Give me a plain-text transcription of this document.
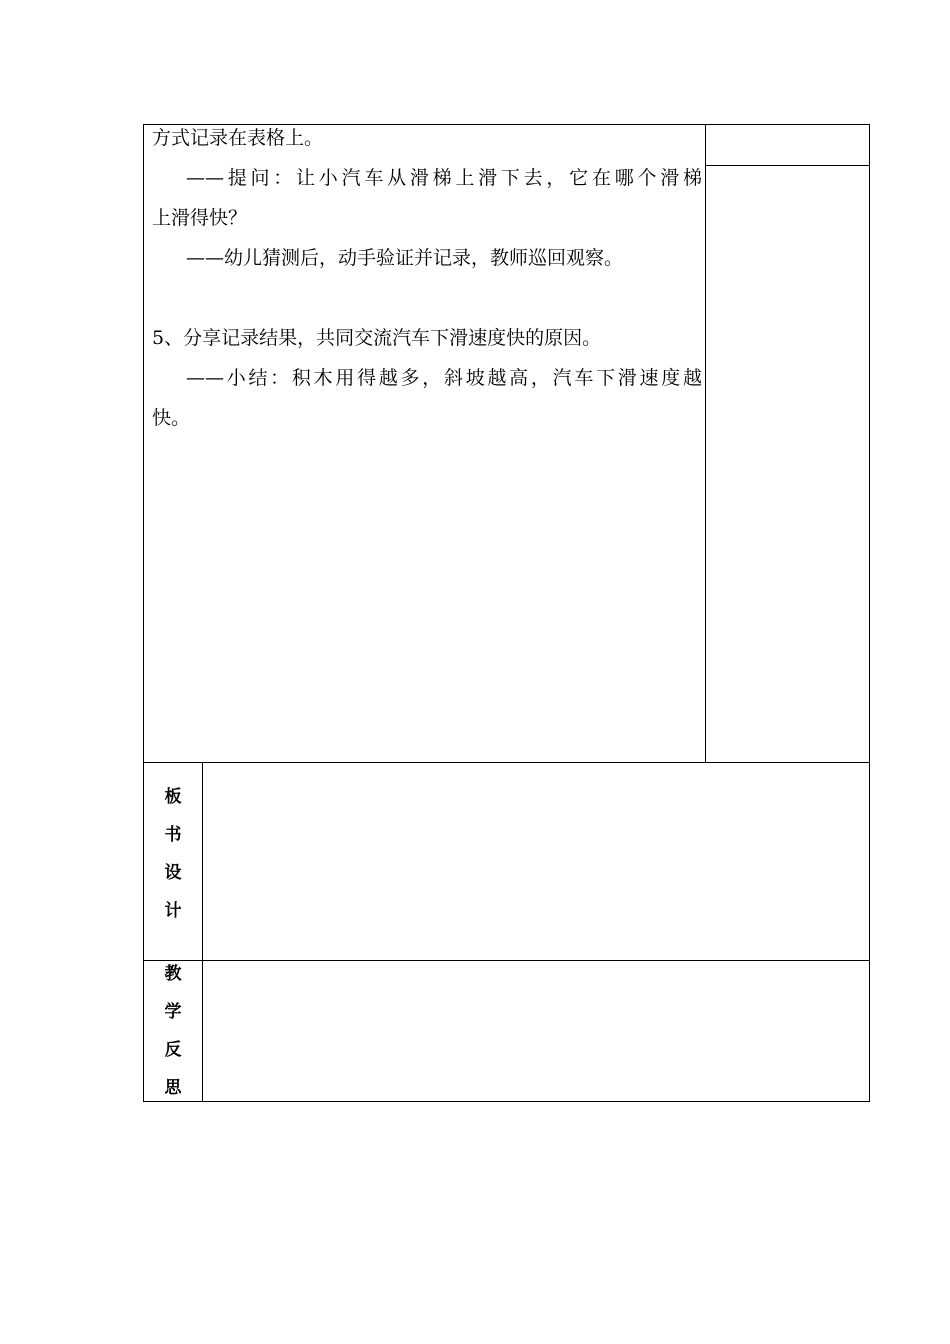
方式记录在表格上。

——提问：让小汽车从滑梯上滑下去，它在哪个滑梯

上滑得快？

——幼儿猜测后，动手验证并记录，教师巡回观察。

5、分享记录结果，共同交流汽车下滑速度快的原因。

——小结：积木用得越多，斜坡越高，汽车下滑速度越

快。

板
书
设
计
教
学
反
思
